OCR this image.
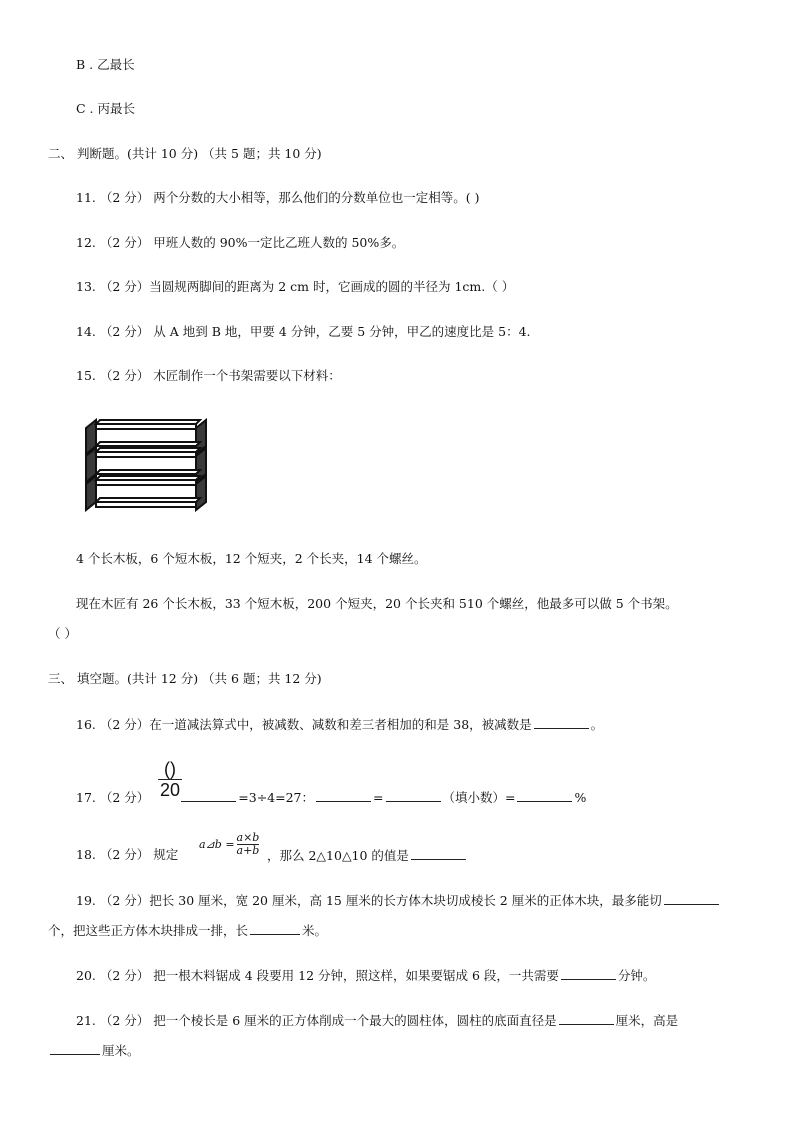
B . 乙最长
C . 丙最长
二、 判断题。(共计 10 分) （共 5 题；共 10 分)
11. （2 分） 两个分数的大小相等，那么他们的分数单位也一定相等。( )
12. （2 分） 甲班人数的 90%一定比乙班人数的 50%多。
13. （2 分）当圆规两脚间的距离为 2 cm 时，它画成的圆的半径为 1cm.（ ）
14. （2 分） 从 A 地到 B 地，甲要 4 分钟，乙要 5 分钟，甲乙的速度比是 5：4.
15. （2 分） 木匠制作一个书架需要以下材料：
4 个长木板，6 个短木板，12 个短夹，2 个长夹，14 个螺丝。
现在木匠有 26 个长木板，33 个短木板，200 个短夹，20 个长夹和 510 个螺丝，他最多可以做 5 个书架。
（ ）
三、 填空题。(共计 12 分) （共 6 题；共 12 分)
16. （2 分）在一道减法算式中，被减数、减数和差三者相加的和是 38，被减数是	。
()
20
17. （2 分）	=3÷4=27：	=	（填小数）=	%
a⊿b = $\frac{a\times b}{a+b}$
18. （2 分） 规定	，那么 2△10△10 的值是
19. （2 分）把长 30 厘米，宽 20 厘米，高 15 厘米的长方体木块切成棱长 2 厘米的正体木块，最多能切
个，把这些正方体木块排成一排，长	米。
20. （2 分） 把一根木料锯成 4 段要用 12 分钟，照这样，如果要锯成 6 段，一共需要	分钟。
21. （2 分） 把一个棱长是 6 厘米的正方体削成一个最大的圆柱体，圆柱的底面直径是	厘米，高是
厘米。
